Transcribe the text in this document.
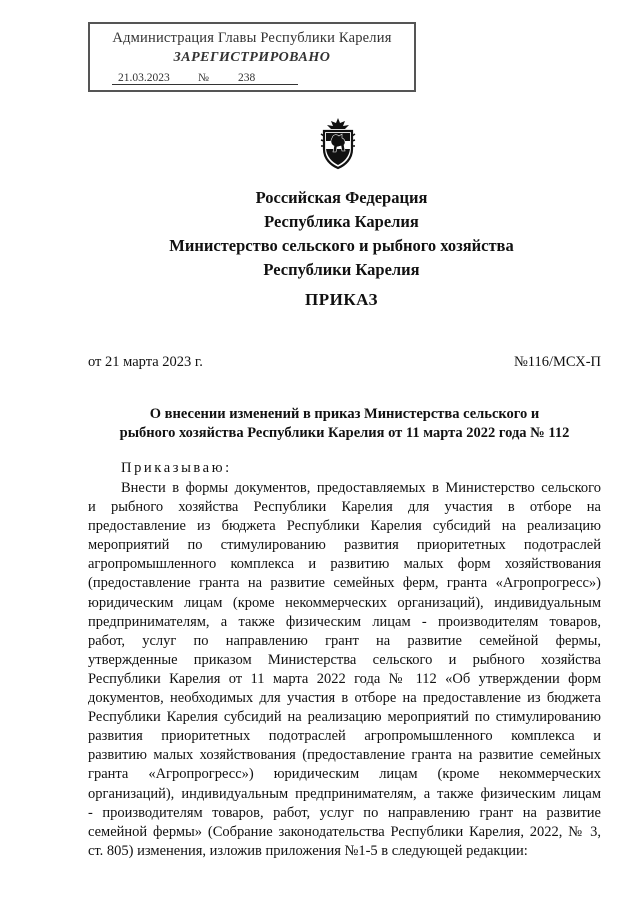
Администрация Главы Республики Карелия
ЗАРЕГИСТРИРОВАНО
21.03.2023 №	238
Российская Федерация
Республика Карелия
Министерство сельского и рыбного хозяйства
Республики Карелия
ПРИКАЗ
от 21 марта 2023 г.	№116/МСХ-П
О внесении изменений в приказ Министерства сельского и
рыбного хозяйства Республики Карелия от 11 марта 2022 года № 112
Приказываю:
Внести в формы документов, предоставляемых в Министерство сельского
и рыбного хозяйства Республики Карелия для участия в отборе на
предоставление из бюджета Республики Карелия субсидий на реализацию
мероприятий по стимулированию развития приоритетных подотраслей
агропромышленного комплекса и развитию малых форм хозяйствования
(предоставление гранта на развитие семейных ферм, гранта «Агропрогресс»)
юридическим лицам (кроме некоммерческих организаций), индивидуальным
предпринимателям, а также физическим лицам - производителям товаров,
работ, услуг по направлению грант на развитие семейной фермы,
утвержденные приказом Министерства сельского и рыбного хозяйства
Республики Карелия от 11 марта 2022 года № 112 «Об утверждении форм
документов, необходимых для участия в отборе на предоставление из бюджета
Республики Карелия субсидий на реализацию мероприятий по стимулированию
развития приоритетных подотраслей агропромышленного комплекса и
развитию малых хозяйствования (предоставление гранта на развитие семейных
гранта «Агропрогресс») юридическим лицам (кроме некоммерческих
организаций), индивидуальным предпринимателям, а также физическим лицам
- производителям товаров, работ, услуг по направлению грант на развитие
семейной фермы» (Собрание законодательства Республики Карелия, 2022, № 3,
ст. 805) изменения, изложив приложения №1-5 в следующей редакции:
